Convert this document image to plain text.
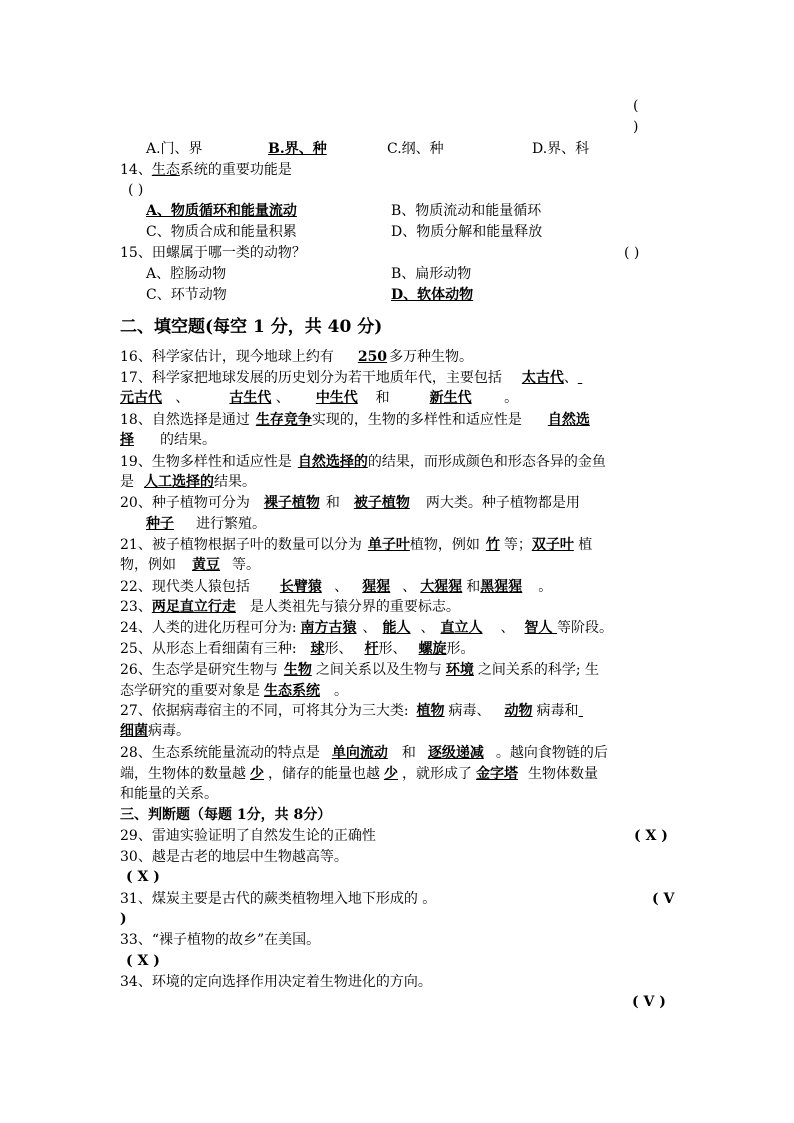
(
)
A.门、界	B.界、种	C.纲、种	D.界、科
14、生态系统的重要功能是
( )
A、物质循环和能量流动	B、物质流动和能量循环
C、物质合成和能量积累	D、物质分解和能量释放
15、田螺属于哪一类的动物？	( )
A、腔肠动物	B、扁形动物
C、环节动物	D、软体动物
二、填空题(每空 1 分，共 40 分)
16、科学家估计，现今地球上约有 250 多万种生物。
17、科学家把地球发展的历史划分为若干地质年代，主要包括 太古代、
元古代   、	古生代 、 中生代    和	新生代 。
18、自然选择是通过 生存竞争实现的，生物的多样性和适应性是 自然选
择 的结果。
19、生物多样性和适应性是 自然选择的的结果，而形成颜色和形态各异的金鱼
是 人工选择的结果。
20、种子植物可分为 裸子植物 和 被子植物 两大类。种子植物都是用
种子 进行繁殖。
21、被子植物根据子叶的数量可以分为 单子叶植物，例如 竹 等；双子叶 植
物，例如 黄豆 等。
22、现代类人猿包括 长臂猿 、 猩猩 、 大猩猩 和黑猩猩 。
23、两足直立行走 是人类祖先与猿分界的重要标志。
24、人类的进化历程可分为: 南方古猿 、 能人 、 直立人 、 智人 等阶段。
25、从形态上看细菌有三种: 球形、 杆形、 螺旋形。
26、生态学是研究生物与 生物 之间关系以及生物与 环境 之间关系的科学; 生
态学研究的重要对象是 生态系统 。
27、依据病毒宿主的不同，可将其分为三大类: 植物 病毒、 动物 病毒和
细菌病毒。
28、生态系统能量流动的特点是 单向流动 和 逐级递减 。越向食物链的后
端，生物体的数量越 少 ，储存的能量也越 少 ，就形成了 金字塔 生物体数量
和能量的关系。
三、判断题（每题 1分，共 8分）
29、雷迪实验证明了自然发生论的正确性	( X )
30、越是古老的地层中生物越高等。
( X )
31、煤炭主要是古代的蕨类植物埋入地下形成的 。	( V
)
33、“裸子植物的故乡”在美国。
( X )
34、环境的定向选择作用决定着生物进化的方向。
( V )
